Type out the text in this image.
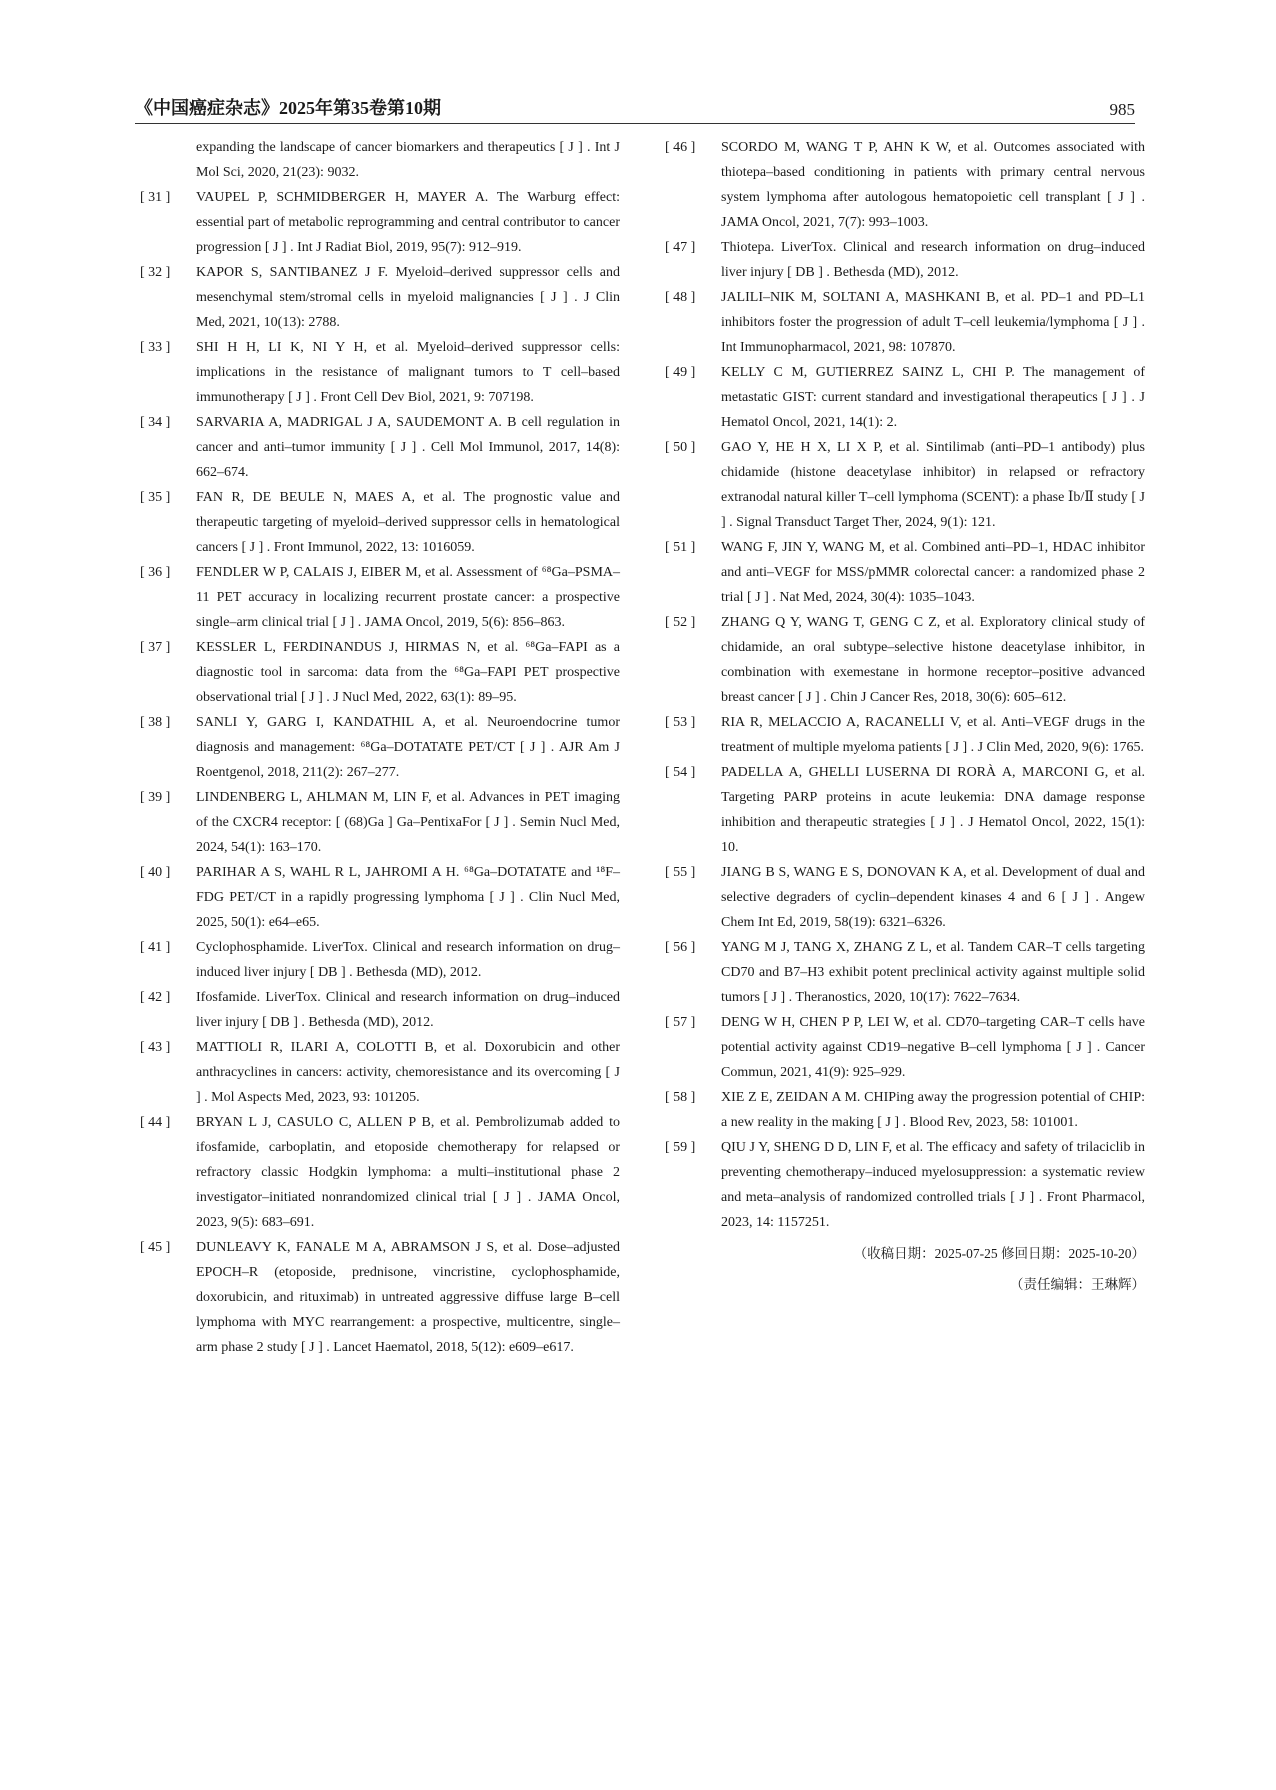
《中国癌症杂志》2025年第35卷第10期	985
expanding the landscape of cancer biomarkers and therapeutics [ J ] . Int J Mol Sci, 2020, 21(23): 9032.
[ 31 ]	VAUPEL P, SCHMIDBERGER H, MAYER A. The Warburg effect: essential part of metabolic reprogramming and central contributor to cancer progression [ J ] . Int J Radiat Biol, 2019, 95(7): 912–919.
[ 32 ]	KAPOR S, SANTIBANEZ J F. Myeloid–derived suppressor cells and mesenchymal stem/stromal cells in myeloid malignancies [ J ] . J Clin Med, 2021, 10(13): 2788.
[ 33 ]	SHI H H, LI K, NI Y H, et al. Myeloid–derived suppressor cells: implications in the resistance of malignant tumors to T cell–based immunotherapy [ J ] . Front Cell Dev Biol, 2021, 9: 707198.
[ 34 ]	SARVARIA A, MADRIGAL J A, SAUDEMONT A. B cell regulation in cancer and anti–tumor immunity [ J ] . Cell Mol Immunol, 2017, 14(8): 662–674.
[ 35 ]	FAN R, DE BEULE N, MAES A, et al. The prognostic value and therapeutic targeting of myeloid–derived suppressor cells in hematological cancers [ J ] . Front Immunol, 2022, 13: 1016059.
[ 36 ]	FENDLER W P, CALAIS J, EIBER M, et al. Assessment of ⁶⁸Ga–PSMA–11 PET accuracy in localizing recurrent prostate cancer: a prospective single–arm clinical trial [ J ] . JAMA Oncol, 2019, 5(6): 856–863.
[ 37 ]	KESSLER L, FERDINANDUS J, HIRMAS N, et al. ⁶⁸Ga–FAPI as a diagnostic tool in sarcoma: data from the ⁶⁸Ga–FAPI PET prospective observational trial [ J ] . J Nucl Med, 2022, 63(1): 89–95.
[ 38 ]	SANLI Y, GARG I, KANDATHIL A, et al. Neuroendocrine tumor diagnosis and management: ⁶⁸Ga–DOTATATE PET/CT [ J ] . AJR Am J Roentgenol, 2018, 211(2): 267–277.
[ 39 ]	LINDENBERG L, AHLMAN M, LIN F, et al. Advances in PET imaging of the CXCR4 receptor: [ (68)Ga ] Ga–PentixaFor [ J ] . Semin Nucl Med, 2024, 54(1): 163–170.
[ 40 ]	PARIHAR A S, WAHL R L, JAHROMI A H. ⁶⁸Ga–DOTATATE and ¹⁸F–FDG PET/CT in a rapidly progressing lymphoma [ J ] . Clin Nucl Med, 2025, 50(1): e64–e65.
[ 41 ]	Cyclophosphamide. LiverTox. Clinical and research information on drug–induced liver injury [ DB ] . Bethesda (MD), 2012.
[ 42 ]	Ifosfamide. LiverTox. Clinical and research information on drug–induced liver injury [ DB ] . Bethesda (MD), 2012.
[ 43 ]	MATTIOLI R, ILARI A, COLOTTI B, et al. Doxorubicin and other anthracyclines in cancers: activity, chemoresistance and its overcoming [ J ] . Mol Aspects Med, 2023, 93: 101205.
[ 44 ]	BRYAN L J, CASULO C, ALLEN P B, et al. Pembrolizumab added to ifosfamide, carboplatin, and etoposide chemotherapy for relapsed or refractory classic Hodgkin lymphoma: a multi–institutional phase 2 investigator–initiated nonrandomized clinical trial [ J ] . JAMA Oncol, 2023, 9(5): 683–691.
[ 45 ]	DUNLEAVY K, FANALE M A, ABRAMSON J S, et al. Dose–adjusted EPOCH–R (etoposide, prednisone, vincristine, cyclophosphamide, doxorubicin, and rituximab) in untreated aggressive diffuse large B–cell lymphoma with MYC rearrangement: a prospective, multicentre, single–arm phase 2 study [ J ] . Lancet Haematol, 2018, 5(12): e609–e617.
[ 46 ]	SCORDO M, WANG T P, AHN K W, et al. Outcomes associated with thiotepa–based conditioning in patients with primary central nervous system lymphoma after autologous hematopoietic cell transplant [ J ] . JAMA Oncol, 2021, 7(7): 993–1003.
[ 47 ]	Thiotepa. LiverTox. Clinical and research information on drug–induced liver injury [ DB ] . Bethesda (MD), 2012.
[ 48 ]	JALILI–NIK M, SOLTANI A, MASHKANI B, et al. PD–1 and PD–L1 inhibitors foster the progression of adult T–cell leukemia/lymphoma [ J ] . Int Immunopharmacol, 2021, 98: 107870.
[ 49 ]	KELLY C M, GUTIERREZ SAINZ L, CHI P. The management of metastatic GIST: current standard and investigational therapeutics [ J ] . J Hematol Oncol, 2021, 14(1): 2.
[ 50 ]	GAO Y, HE H X, LI X P, et al. Sintilimab (anti–PD–1 antibody) plus chidamide (histone deacetylase inhibitor) in relapsed or refractory extranodal natural killer T–cell lymphoma (SCENT): a phase Ⅰb/Ⅱ study [ J ] . Signal Transduct Target Ther, 2024, 9(1): 121.
[ 51 ]	WANG F, JIN Y, WANG M, et al. Combined anti–PD–1, HDAC inhibitor and anti–VEGF for MSS/pMMR colorectal cancer: a randomized phase 2 trial [ J ] . Nat Med, 2024, 30(4): 1035–1043.
[ 52 ]	ZHANG Q Y, WANG T, GENG C Z, et al. Exploratory clinical study of chidamide, an oral subtype–selective histone deacetylase inhibitor, in combination with exemestane in hormone receptor–positive advanced breast cancer [ J ] . Chin J Cancer Res, 2018, 30(6): 605–612.
[ 53 ]	RIA R, MELACCIO A, RACANELLI V, et al. Anti–VEGF drugs in the treatment of multiple myeloma patients [ J ] . J Clin Med, 2020, 9(6): 1765.
[ 54 ]	PADELLA A, GHELLI LUSERNA DI RORÀ A, MARCONI G, et al. Targeting PARP proteins in acute leukemia: DNA damage response inhibition and therapeutic strategies [ J ] . J Hematol Oncol, 2022, 15(1): 10.
[ 55 ]	JIANG B S, WANG E S, DONOVAN K A, et al. Development of dual and selective degraders of cyclin–dependent kinases 4 and 6 [ J ] . Angew Chem Int Ed, 2019, 58(19): 6321–6326.
[ 56 ]	YANG M J, TANG X, ZHANG Z L, et al. Tandem CAR–T cells targeting CD70 and B7–H3 exhibit potent preclinical activity against multiple solid tumors [ J ] . Theranostics, 2020, 10(17): 7622–7634.
[ 57 ]	DENG W H, CHEN P P, LEI W, et al. CD70–targeting CAR–T cells have potential activity against CD19–negative B–cell lymphoma [ J ] . Cancer Commun, 2021, 41(9): 925–929.
[ 58 ]	XIE Z E, ZEIDAN A M. CHIPing away the progression potential of CHIP: a new reality in the making [ J ] . Blood Rev, 2023, 58: 101001.
[ 59 ]	QIU J Y, SHENG D D, LIN F, et al. The efficacy and safety of trilaciclib in preventing chemotherapy–induced myelosuppression: a systematic review and meta–analysis of randomized controlled trials [ J ] . Front Pharmacol, 2023, 14: 1157251.
（收稿日期：2025-07-25 修回日期：2025-10-20）
（责任编辑：王琳辉）
